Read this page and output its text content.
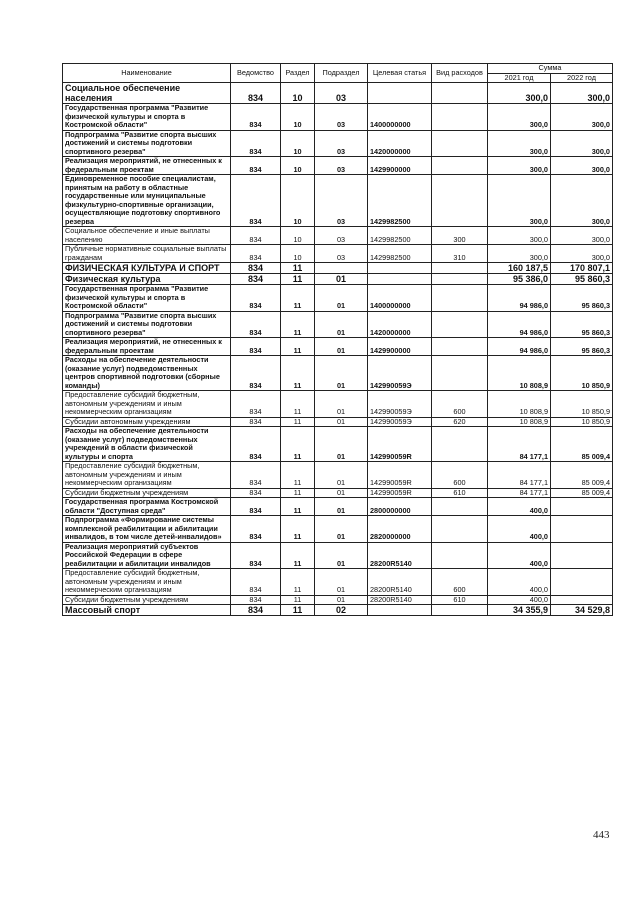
Наименование	Ведомство	Раздел	Подраздел	Целевая статья	Вид расходов	Сумма	
						2021 год	2022 год
Социальное обеспечение населения	834	10	03			300,0	300,0
Государственная программа "Развитие физической культуры и спорта в Костромской области"	834	10	03	1400000000		300,0	300,0
Подпрограмма "Развитие спорта высших достижений и системы подготовки спортивного резерва"	834	10	03	1420000000		300,0	300,0
Реализация мероприятий, не отнесенных к федеральным проектам	834	10	03	1429900000		300,0	300,0
Единовременное пособие специалистам, принятым на работу в областные государственные или муниципальные физкультурно-спортивные организации, осуществляющие подготовку спортивного резерва	834	10	03	1429982500		300,0	300,0
Социальное обеспечение и иные выплаты населению	834	10	03	1429982500	300	300,0	300,0
Публичные нормативные социальные выплаты гражданам	834	10	03	1429982500	310	300,0	300,0
ФИЗИЧЕСКАЯ КУЛЬТУРА И СПОРТ	834	11				160 187,5	170 807,1
Физическая культура	834	11	01			95 386,0	95 860,3
Государственная программа "Развитие физической культуры и спорта в Костромской области"	834	11	01	1400000000		94 986,0	95 860,3
Подпрограмма "Развитие спорта высших достижений и системы подготовки спортивного резерва"	834	11	01	1420000000		94 986,0	95 860,3
Реализация мероприятий, не отнесенных к федеральным проектам	834	11	01	1429900000		94 986,0	95 860,3
Расходы на обеспечение деятельности (оказание услуг) подведомственных центров спортивной подготовки (сборные команды)	834	11	01	142990059Э		10 808,9	10 850,9
Предоставление субсидий бюджетным, автономным учреждениям и иным некоммерческим организациям	834	11	01	142990059Э	600	10 808,9	10 850,9
Субсидии автономным учреждениям	834	11	01	142990059Э	620	10 808,9	10 850,9
Расходы на обеспечение деятельности (оказание услуг) подведомственных учреждений в области физической культуры и спорта	834	11	01	142990059R		84 177,1	85 009,4
Предоставление субсидий бюджетным, автономным учреждениям и иным некоммерческим организациям	834	11	01	142990059R	600	84 177,1	85 009,4
Субсидии бюджетным учреждениям	834	11	01	142990059R	610	84 177,1	85 009,4
Государственная программа Костромской области "Доступная среда"	834	11	01	2800000000		400,0	
Подпрограмма «Формирование системы комплексной реабилитации и абилитации инвалидов, в том числе детей-инвалидов»	834	11	01	2820000000		400,0	
Реализация мероприятий субъектов Российской Федерации в сфере реабилитации и абилитации инвалидов	834	11	01	28200R5140		400,0	
Предоставление субсидий бюджетным, автономным учреждениям и иным некоммерческим организациям	834	11	01	28200R5140	600	400,0	
Субсидии бюджетным учреждениям	834	11	01	28200R5140	610	400,0	
Массовый спорт	834	11	02			34 355,9	34 529,8
443
